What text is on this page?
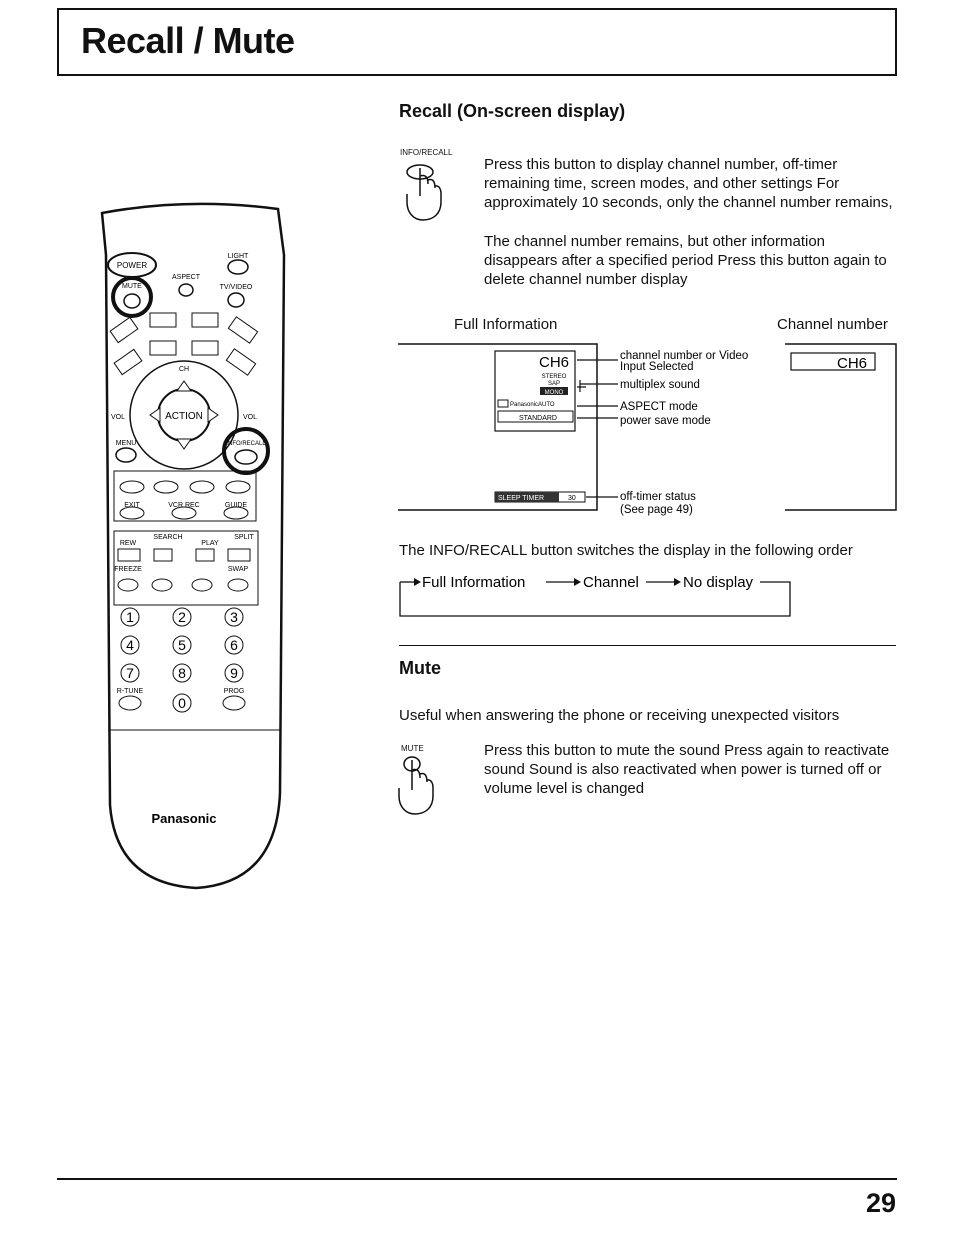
Recall / Mute
POWER
LIGHT
ASPECT
MUTE	TV/VIDEO
ACTION
CH
VOL	VOL
MENU	INFO/RECALL
EXIT	VCR REC	GUIDE
SEARCH
REW	PLAY
SPLIT
FREEZE	SWAP
1	2	3
4	5	6
7	8	9
0
R-TUNE	PROG
Panasonic
Recall (On-screen display)
INFO/RECALL
Press this button to display channel number, off-timer remaining time, screen modes, and other settings For approximately 10 seconds, only the channel number remains,
The channel number remains, but other information disappears after a specified period Press this button again to delete channel number display
Full Information	Channel number
CH6
STEREO
SAP
MONO
PanasonicAUTO
STANDARD
SLEEP TIMER	30
channel number or Video
Input Selected
multiplex sound
ASPECT mode
power save mode
off-timer status
(See page 49)
CH6
The INFO/RECALL button switches the display in the following order
Full Information	Channel	No display
Mute
Useful when answering the phone or receiving unexpected visitors
MUTE	Press this button to mute the sound Press again to reactivate sound Sound is also reactivated when power is turned off or volume level is changed
29
